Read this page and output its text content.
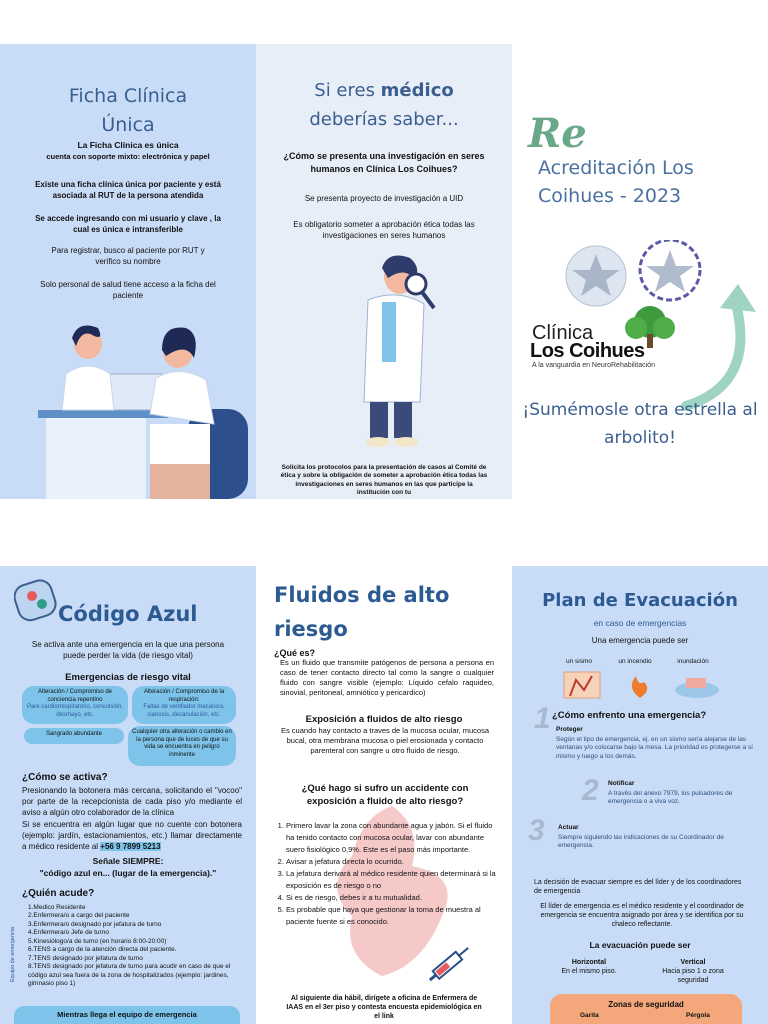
Ficha Clínica
Única
La Ficha Clínica es única
cuenta con soporte mixto: electrónica y papel
Existe una ficha clínica única por paciente y está asociada al RUT de la persona atendida
Se accede ingresando con mi usuario y clave , la cual es única e intransferible
Para registrar, busco al paciente por RUT y verifico su nombre
Solo personal de salud tiene acceso a la ficha del paciente
Si eres médico
deberías saber...
¿Cómo se presenta una investigación en seres humanos en Clínica Los Coihues?
Se presenta proyecto de investigación a UID
Es obligatorio someter a aprobación ética todas las investigaciones en seres humanos
Solicita los protocolos para la presentación de casos al Comité de ética y sobre la obligación de someter a aprobación ética todas las investigaciones en seres humanos en las que participe la institución con tu
Re
Acreditación Los Coihues - 2023
Clínica
Los Coihues
A la vanguardia en NeuroRehabilitación
¡Sumémosle otra estrella al arbolito!
Código Azul
Se activa ante una emergencia en la que una persona puede perder la vida (de riesgo vital)
Emergencias de riesgo vital
Alteración / Compromiso de conciencia repentino
Pare cardiorrespiratorio, convulsión, desmayo, etc.
Alteración / Compromiso de la respiración:
Faltas de ventilador mecánico, cianosis, decanulación, etc.
Sangrado abundante	Cualquier otra alteración o cambio en la persona que de luces de que su vida se encuentra en peligro inminente
¿Cómo se activa?
Presionando la botonera más cercana, solicitando el "vocoo" por parte de la recepcionista de cada piso y/o mediante el aviso a algún otro colaborador de la clínica
Si se encuentra en algún lugar que no cuente con botonera (ejemplo: jardín, estacionamientos, etc.) llamar directamente a médico residente al +56 9 7899 5213
Señale SIEMPRE:
"código azul en... (lugar de la emergencia)."
¿Quién acude?
Equipo de emergencia
1.Medico Residente
2.Enfermera/o a cargo del paciente
3.Enfermera/o designado por jefatura de turno
4.Enfermera/o Jefe de turno
5.Kinesiólogo/a de turno (en horario 8:00-20:00)
6.TENS a cargo de la atención directa del paciente.
7.TENS designado por jefatura de turno
8.TENS designado por jefatura de turno para acudir en caso de que el código azul sea fuera de la zona de hospitalizados (ejemplo: jardines, gimnasio piso 1)
Mientras llega el equipo de emergencia
Fluidos de alto
riesgo
¿Qué es?
Es un fluido que transmite patógenos de persona a persona en caso de tener contacto directo tal como la sangre o cualquier fluido con sangre visible (ejemplo: Líquido cefalo raquideo, sinovial, peritoneal, amniótico y pericardico)
Exposición a fluidos de alto riesgo
Es cuando hay contacto a traves de la mucosa ocular, mucosa bucal, otra membrana mucosa o piel erosionada y contacto parenteral con sangre u otro fluido de riesgo.
¿Qué hago si sufro un accidente con exposición a fluido de alto riesgo?
1. Primero lavar la zona con abundante agua y jabón. Si el fluido ha tenido contacto con mucosa ocular, lavar con abundante suero fisiológico 0,9%. Este es el paso más importante.
2. Avisar a jefatura directa lo ocurrido.
3. La jefatura derivará al médico residente quien determinará si la exposición es de riesgo o no
4. Si es de riesgo, debes ir a tu mutualidad.
5. Es probable que haya que gestionar la toma de muestra al paciente fuente si es conocido.
Al siguiente dia hábil, dirígete a oficina de Enfermera de IAAS en el 3er piso y contesta encuesta epidemiológica en el link
Plan de Evacuación
en caso de emergencias
Una emergencia puede ser
un sismo	un incendio	inundación
¿Cómo enfrento una emergencia?
1 Proteger
Según el tipo de emergencia, ej. en un sismo sería alejarse de las ventanas y/o colocarse bajo la mesa. La prioridad es protegerse a sí mismo y luego a los demás.
2 Notificar
A través del anexo 7979, los pulsadores de emergencia o a viva voz.
3 Actuar
Siempre siguiendo las indicaciones de su Coordinador de emergencia.
La decisión de evacuar siempre es del líder y de los coordinadores de emergencia
El líder de emergencia es el médico residente y el coordinador de emergencia se encuentra asignado por área y se identifica por su chaleco reflectante.
La evacuación puede ser
Horizontal
En el mismo piso.
Vertical
Hacia piso 1 o zona seguridad
Zonas de seguridad
Garita	Pérgola
